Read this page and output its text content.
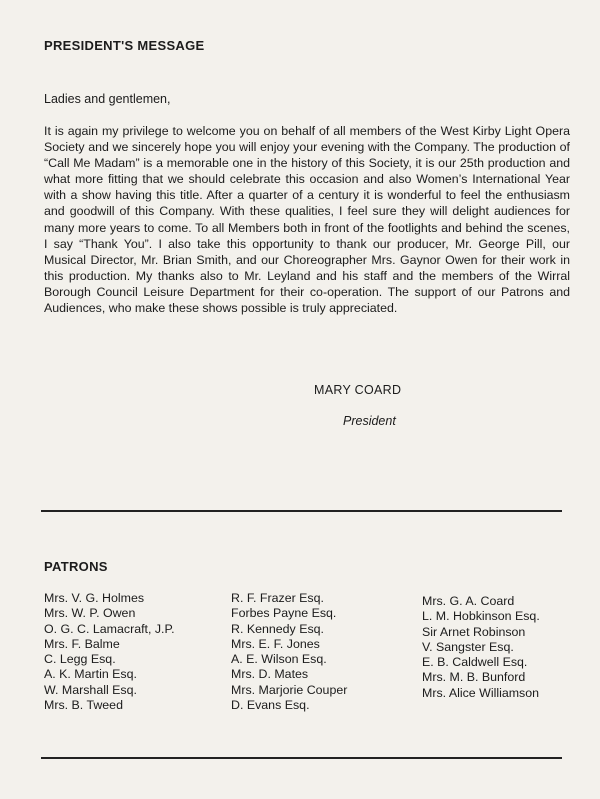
PRESIDENT'S MESSAGE
Ladies and gentlemen,
It is again my privilege to welcome you on behalf of all members of the West Kirby Light Opera Society and we sincerely hope you will enjoy your evening with the Company. The production of “Call Me Madam” is a memorable one in the history of this Society, it is our 25th production and what more fitting that we should celebrate this occasion and also Women’s International Year with a show having this title. After a quarter of a century it is wonderful to feel the enthusiasm and goodwill of this Company. With these qualities, I feel sure they will delight audiences for many more years to come. To all Members both in front of the footlights and behind the scenes, I say “Thank You”. I also take this opportunity to thank our producer, Mr. George Pill, our Musical Director, Mr. Brian Smith, and our Choreographer Mrs. Gaynor Owen for their work in this production. My thanks also to Mr. Leyland and his staff and the members of the Wirral Borough Council Leisure Department for their co-operation. The support of our Patrons and Audiences, who make these shows possible is truly appreciated.
MARY COARD
President
PATRONS
Mrs. V. G. Holmes
Mrs. W. P. Owen
O. G. C. Lamacraft, J.P.
Mrs. F. Balme
C. Legg Esq.
A. K. Martin Esq.
W. Marshall Esq.
Mrs. B. Tweed
R. F. Frazer Esq.
Forbes Payne Esq.
R. Kennedy Esq.
Mrs. E. F. Jones
A. E. Wilson Esq.
Mrs. D. Mates
Mrs. Marjorie Couper
D. Evans Esq.
Mrs. G. A. Coard
L. M. Hobkinson Esq.
Sir Arnet Robinson
V. Sangster Esq.
E. B. Caldwell Esq.
Mrs. M. B. Bunford
Mrs. Alice Williamson
